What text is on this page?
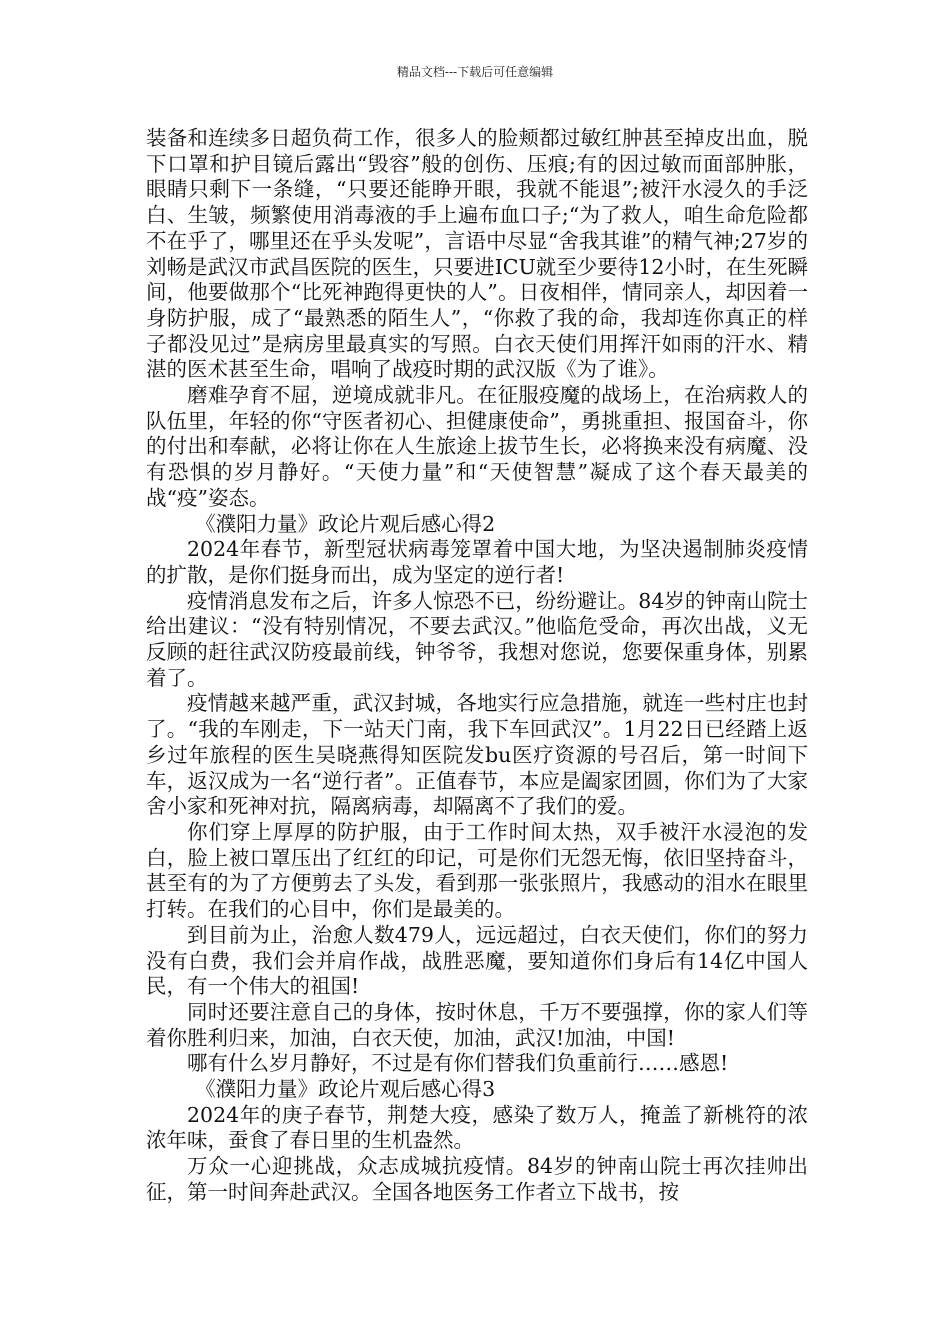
精品文档---下载后可任意编辑

装备和连续多日超负荷工作，很多人的脸颊都过敏红肿甚至掉皮出血，脱下口罩和护目镜后露出“毁容”般的创伤、压痕;有的因过敏而面部肿胀，眼睛只剩下一条缝，“只要还能睁开眼，我就不能退”;被汗水浸久的手泛白、生皱，频繁使用消毒液的手上遍布血口子;“为了救人，咱生命危险都不在乎了，哪里还在乎头发呢”，言语中尽显“舍我其谁”的精气神;27岁的刘畅是武汉市武昌医院的医生，只要进ICU就至少要待12小时，在生死瞬间，他要做那个“比死神跑得更快的人”。日夜相伴，情同亲人，却因着一身防护服，成了“最熟悉的陌生人”，“你救了我的命，我却连你真正的样子都没见过”是病房里最真实的写照。白衣天使们用挥汗如雨的汗水、精湛的医术甚至生命，唱响了战疫时期的武汉版《为了谁》。

磨难孕育不屈，逆境成就非凡。在征服疫魔的战场上，在治病救人的队伍里，年轻的你“守医者初心、担健康使命”，勇挑重担、报国奋斗，你的付出和奉献，必将让你在人生旅途上拔节生长，必将换来没有病魔、没有恐惧的岁月静好。“天使力量”和“天使智慧”凝成了这个春天最美的战“疫”姿态。

《濮阳力量》政论片观后感心得2

2024年春节，新型冠状病毒笼罩着中国大地，为坚决遏制肺炎疫情的扩散，是你们挺身而出，成为坚定的逆行者!

疫情消息发布之后，许多人惊恐不已，纷纷避让。84岁的钟南山院士给出建议：“没有特别情况，不要去武汉。”他临危受命，再次出战，义无反顾的赶往武汉防疫最前线，钟爷爷，我想对您说，您要保重身体，别累着了。

疫情越来越严重，武汉封城，各地实行应急措施，就连一些村庄也封了。“我的车刚走，下一站天门南，我下车回武汉”。1月22日已经踏上返乡过年旅程的医生吴晓燕得知医院发bu医疗资源的号召后，第一时间下车，返汉成为一名“逆行者”。正值春节，本应是阖家团圆，你们为了大家舍小家和死神对抗，隔离病毒，却隔离不了我们的爱。

你们穿上厚厚的防护服，由于工作时间太热，双手被汗水浸泡的发白，脸上被口罩压出了红红的印记，可是你们无怨无悔，依旧坚持奋斗，甚至有的为了方便剪去了头发，看到那一张张照片，我感动的泪水在眼里打转。在我们的心目中，你们是最美的。

到目前为止，治愈人数479人，远远超过，白衣天使们，你们的努力没有白费，我们会并肩作战，战胜恶魔，要知道你们身后有14亿中国人民，有一个伟大的祖国!

同时还要注意自己的身体，按时休息，千万不要强撑，你的家人们等着你胜利归来，加油，白衣天使，加油，武汉!加油，中国!

哪有什么岁月静好，不过是有你们替我们负重前行……感恩!

《濮阳力量》政论片观后感心得3

2024年的庚子春节，荆楚大疫，感染了数万人，掩盖了新桃符的浓浓年味，蚕食了春日里的生机盎然。

万众一心迎挑战，众志成城抗疫情。84岁的钟南山院士再次挂帅出征，第一时间奔赴武汉。全国各地医务工作者立下战书，按
